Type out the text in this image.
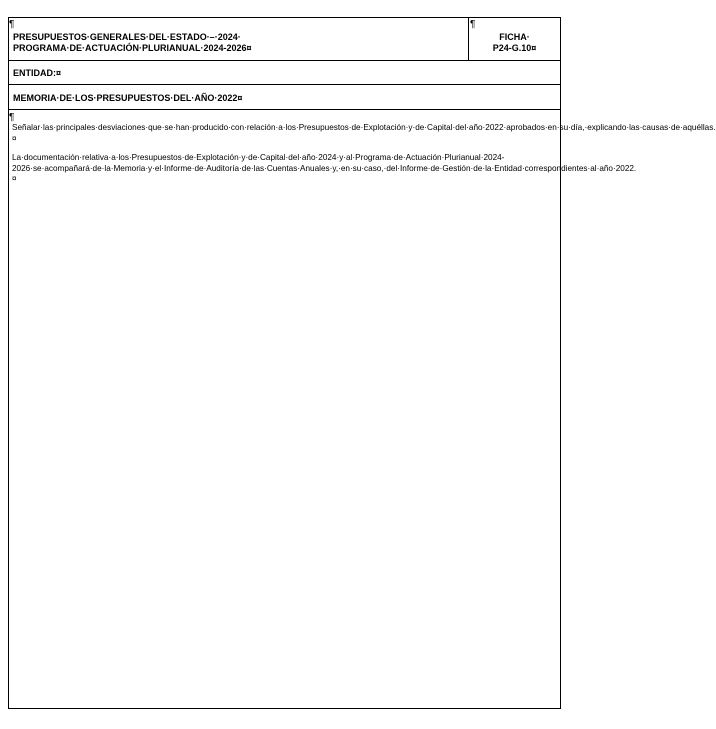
¶
PRESUPUESTOS·GENERALES·DEL·ESTADO·–·2024·
PROGRAMA·DE·ACTUACIÓN·PLURIANUAL·2024-2026¤
¶
FICHA·
P24-G.10¤
ENTIDAD:¤
MEMORIA·DE·LOS·PRESUPUESTOS·DEL·AÑO·2022¤
¶
Señalar·las·principales·desviaciones·que·se·han·producido·con·relación·a·los·Presupuestos·de·Explotación·y·de·Capital·del·año·2022·aprobados·en·su·día,·explicando·las·causas·de·aquéllas.¤
La·documentación·relativa·a·los·Presupuestos·de·Explotación·y·de·Capital·del·año·2024·y·al·Programa·de·Actuación·Plurianual·2024-2026·se·acompañará·de·la·Memoria·y·el·Informe·de·Auditoría·de·las·Cuentas·Anuales·y,·en·su·caso,·del·Informe·de·Gestión·de·la·Entidad·correspondientes·al·año·2022.¤
